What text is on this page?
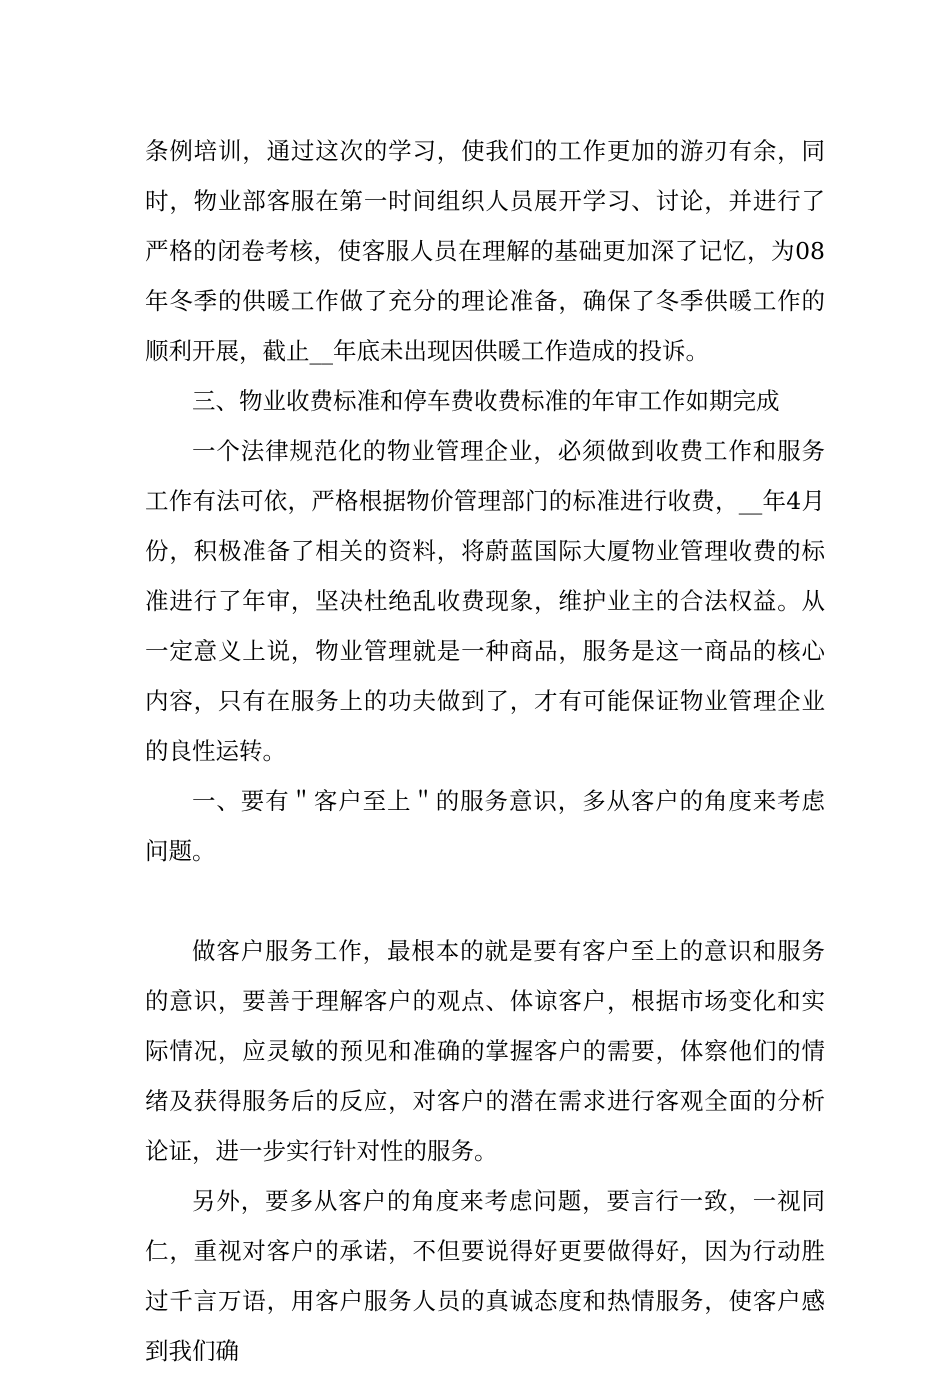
条例培训，通过这次的学习，使我们的工作更加的游刃有余，同时，物业部客服在第一时间组织人员展开学习、讨论，并进行了严格的闭卷考核，使客服人员在理解的基础更加深了记忆，为08年冬季的供暖工作做了充分的理论准备，确保了冬季供暖工作的顺利开展，截止__年底未出现因供暖工作造成的投诉。

三、物业收费标准和停车费收费标准的年审工作如期完成

一个法律规范化的物业管理企业，必须做到收费工作和服务工作有法可依，严格根据物价管理部门的标准进行收费，__年4月份，积极准备了相关的资料，将蔚蓝国际大厦物业管理收费的标准进行了年审，坚决杜绝乱收费现象，维护业主的合法权益。从一定意义上说，物业管理就是一种商品，服务是这一商品的核心内容，只有在服务上的功夫做到了，才有可能保证物业管理企业的良性运转。

一、要有＂客户至上＂的服务意识，多从客户的角度来考虑问题。

做客户服务工作，最根本的就是要有客户至上的意识和服务的意识，要善于理解客户的观点、体谅客户，根据市场变化和实际情况，应灵敏的预见和准确的掌握客户的需要，体察他们的情绪及获得服务后的反应，对客户的潜在需求进行客观全面的分析论证，进一步实行针对性的服务。

另外，要多从客户的角度来考虑问题，要言行一致，一视同仁，重视对客户的承诺，不但要说得好更要做得好，因为行动胜过千言万语，用客户服务人员的真诚态度和热情服务，使客户感到我们确
